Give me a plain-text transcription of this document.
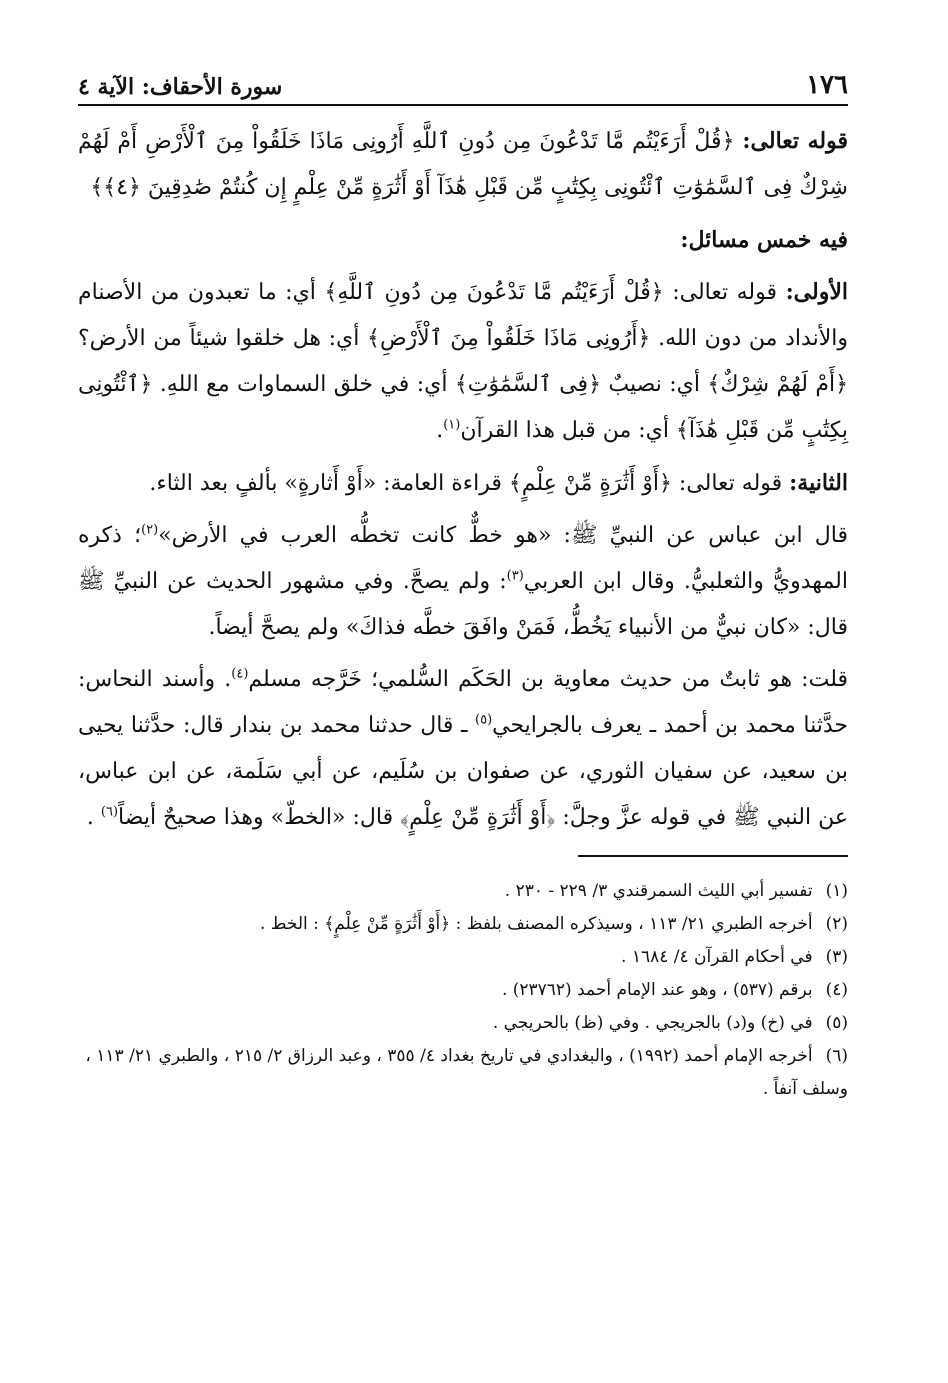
١٧٦
سورة الأحقاف: الآية ٤

قوله تعالى: ﴿قُلْ أَرَءَيْتُم مَّا تَدْعُونَ مِن دُونِ ٱللَّهِ أَرُونِى مَاذَا خَلَقُواْ مِنَ ٱلْأَرْضِ أَمْ لَهُمْ شِرْكٌ فِى ٱلسَّمَٰوَٰتِ ٱئْتُونِى بِكِتَٰبٍ مِّن قَبْلِ هَٰذَآ أَوْ أَثَٰرَةٍ مِّنْ عِلْمٍ إِن كُنتُمْ صَٰدِقِينَ ﴿٤﴾﴾

فيه خمس مسائل:

الأولى: قوله تعالى: ﴿قُلْ أَرَءَيْتُم مَّا تَدْعُونَ مِن دُونِ ٱللَّهِ﴾ أي: ما تعبدون من الأصنام والأنداد من دون الله. ﴿أَرُونِى مَاذَا خَلَقُواْ مِنَ ٱلْأَرْضِ﴾ أي: هل خلقوا شيئاً من الأرض؟ ﴿أَمْ لَهُمْ شِرْكٌ﴾ أي: نصيبٌ ﴿فِى ٱلسَّمَٰوَٰتِ﴾ أي: في خلق السماوات مع اللهِ. ﴿ٱئْتُونِى بِكِتَٰبٍ مِّن قَبْلِ هَٰذَآ﴾ أي: من قبل هذا القرآن$^{(١)}$.

الثانية: قوله تعالى: ﴿أَوْ أَثَٰرَةٍ مِّنْ عِلْمٍ﴾ قراءة العامة: «أَوْ أَثارةٍ» بألفٍ بعد الثاء.

قال ابن عباس عن النبيِّ ﷺ: «هو خطٌّ كانت تخطُّه العرب في الأرض»$^{(٢)}$؛ ذكره المهدويُّ والثعلبيُّ. وقال ابن العربي$^{(٣)}$: ولم يصحَّ. وفي مشهور الحديث عن النبيِّ ﷺ قال: «كان نبيٌّ من الأنبياء يَخُطُّ، فَمَنْ وافَقَ خطَّه فذاكَ» ولم يصحَّ أيضاً.

قلت: هو ثابتٌ من حديث معاوية بن الحَكَم السُّلمي؛ خَرَّجه مسلم$^{(٤)}$. وأسند النحاس: حدَّثنا محمد بن أحمد ـ يعرف بالجرايحي$^{(٥)}$ ـ قال حدثنا محمد بن بندار قال: حدَّثنا يحيى بن سعيد، عن سفيان الثوري، عن صفوان بن سُلَيم، عن أبي سَلَمة، عن ابن عباس، عن النبي ﷺ في قوله عزَّ وجلَّ: ﴿أَوْ أَثَٰرَةٍ مِّنْ عِلْمٍ﴾ قال: «الخطّ» وهذا صحيحٌ أيضاً$^{(٦)}$ .

(١) تفسير أبي الليث السمرقندي ٣/ ٢٢٩ - ٢٣٠ .
(٢) أخرجه الطبري ٢١/ ١١٣ ، وسيذكره المصنف بلفظ : ﴿أَوْ أَثَٰرَةٍ مِّنْ عِلْمٍ﴾ : الخط .
(٣) في أحكام القرآن ٤/ ١٦٨٤ .
(٤) برقم (٥٣٧) ، وهو عند الإمام أحمد (٢٣٧٦٢) .
(٥) في (خ) و(د) بالجريجي . وفي (ظ) بالحريجي .
(٦) أخرجه الإمام أحمد (١٩٩٢) ، والبغدادي في تاريخ بغداد ٤/ ٣٥٥ ، وعبد الرزاق ٢/ ٢١٥ ، والطبري ٢١/ ١١٣ ، وسلف آنفاً .
